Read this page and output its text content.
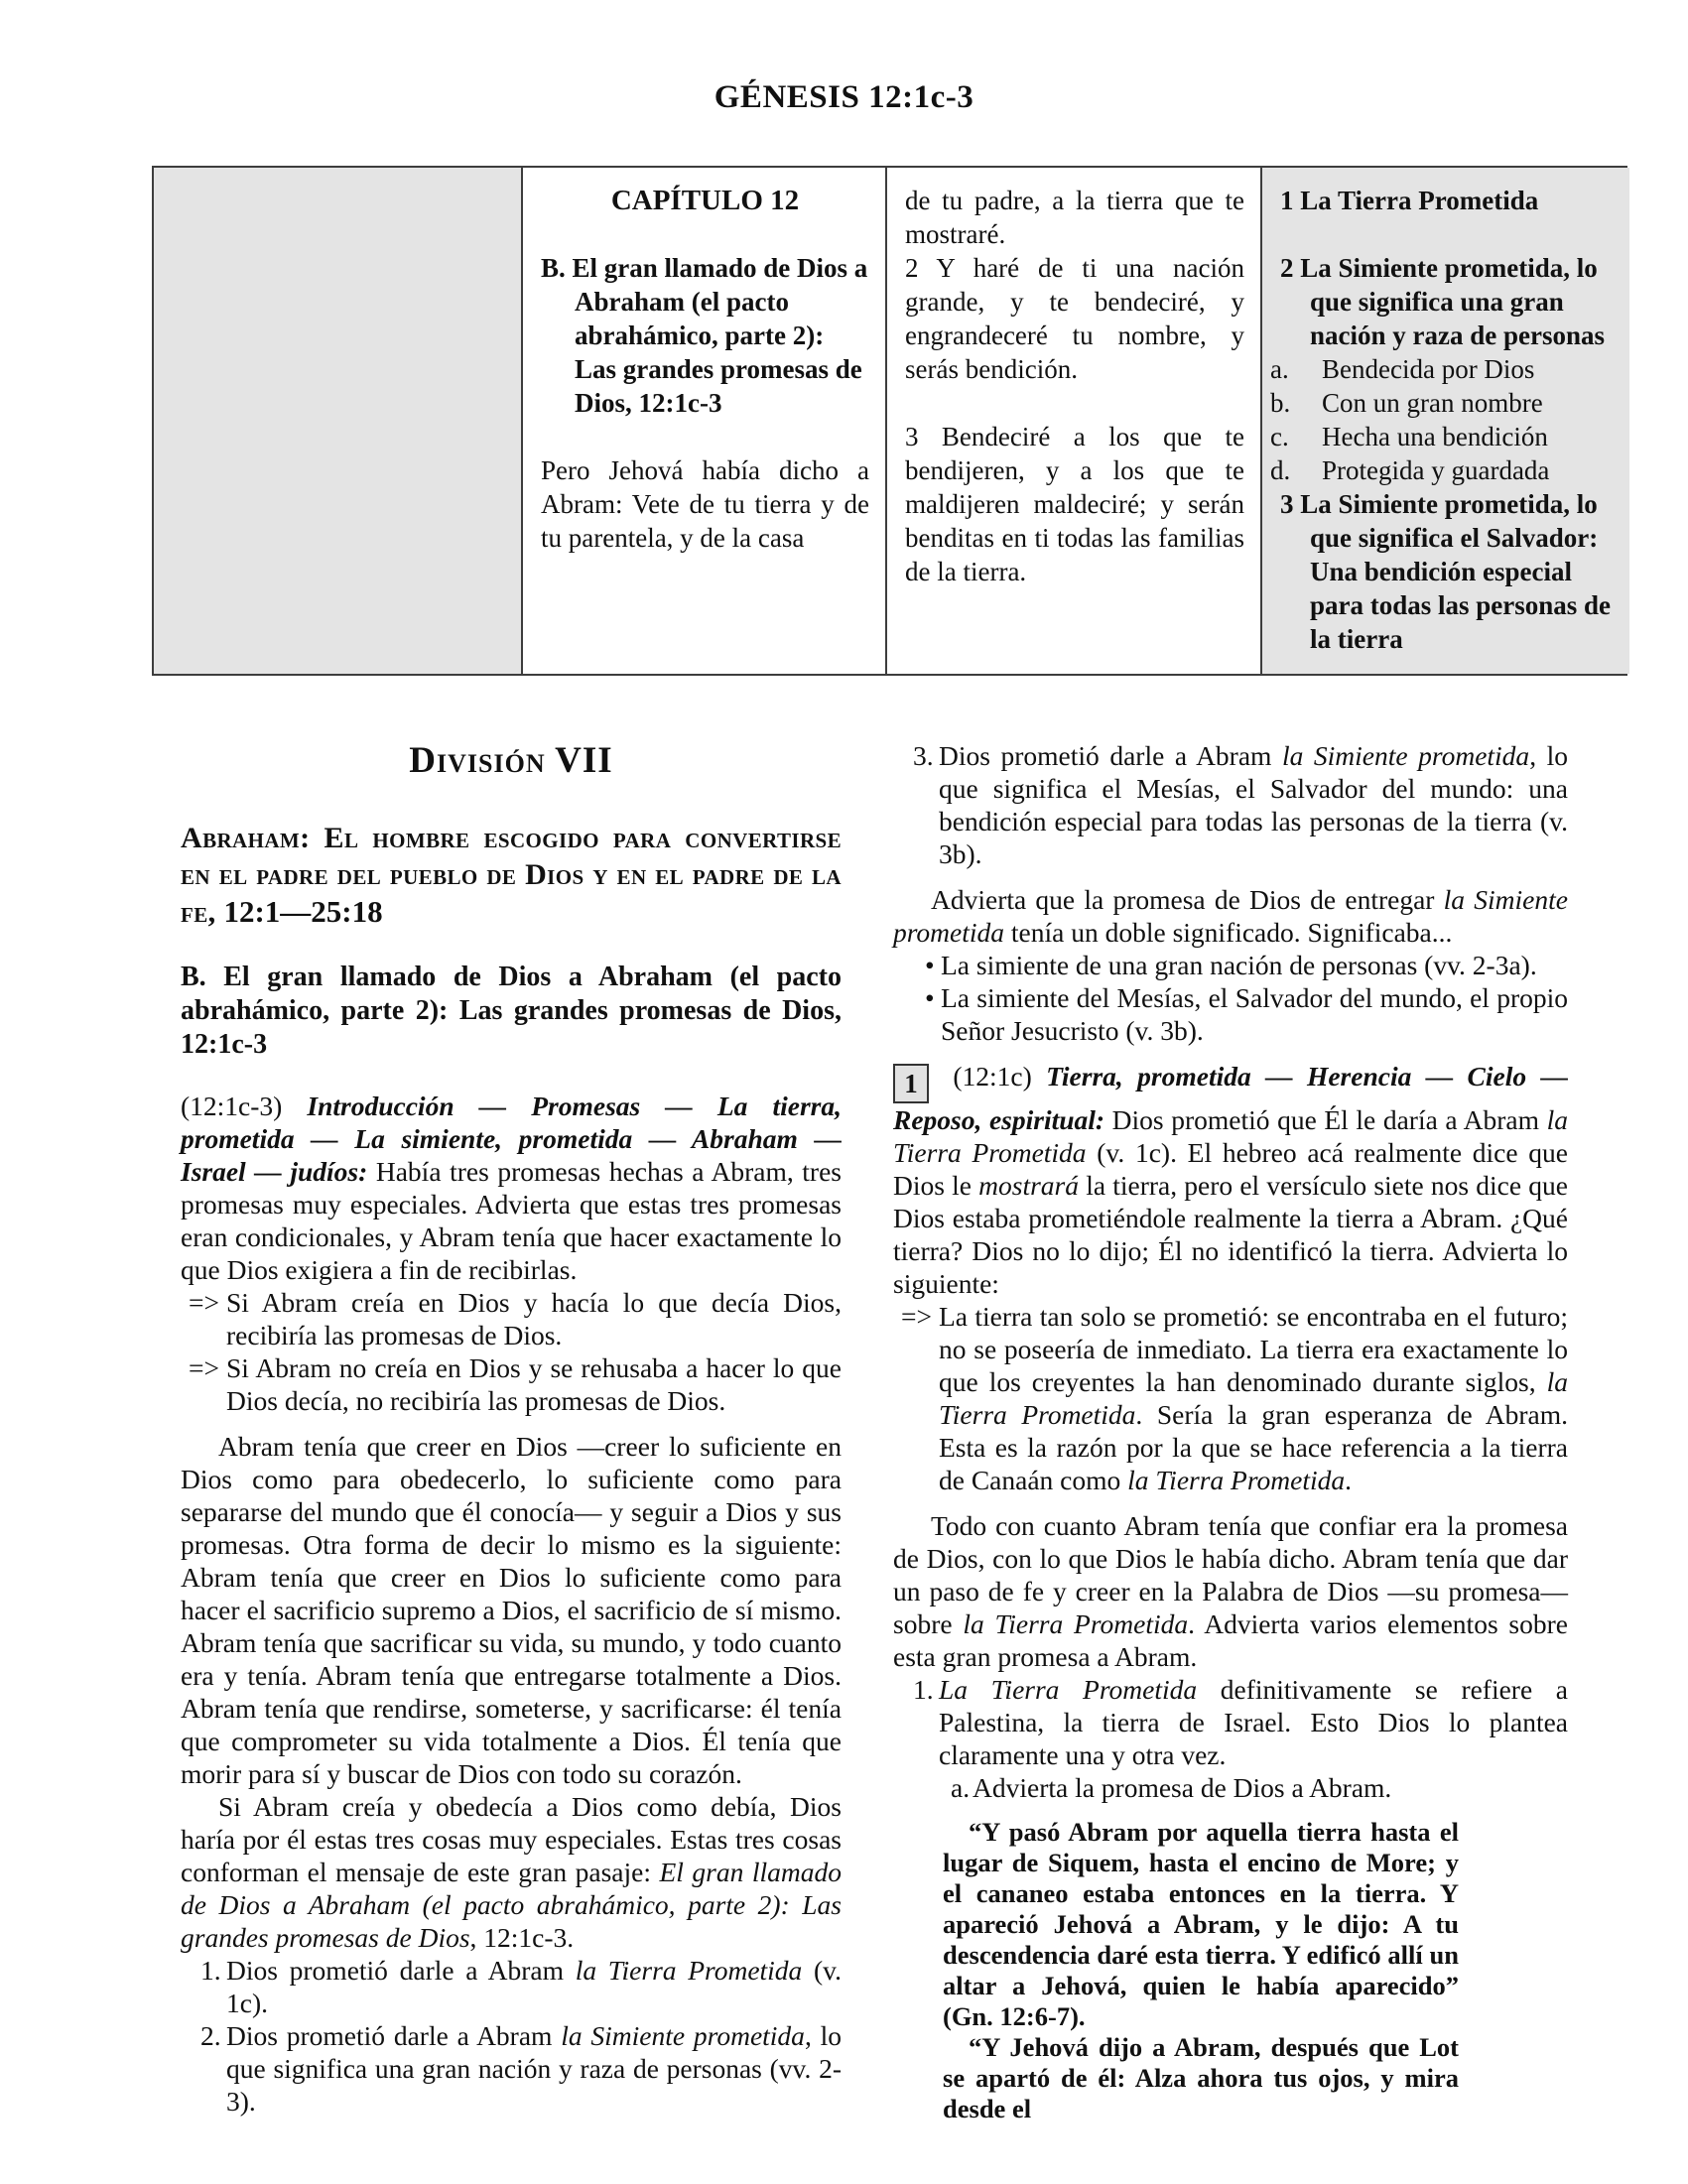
GÉNESIS 12:1c-3
CAPÍTULO 12
B. El gran llamado de Dios a Abraham (el pacto abrahámico, parte 2): Las grandes promesas de Dios, 12:1c-3
Pero Jehová había dicho a Abram: Vete de tu tierra y de tu parentela, y de la casa
de tu padre, a la tierra que te mostraré.
2 Y haré de ti una nación grande, y te bendeciré, y engrandeceré tu nombre, y serás bendición.
3 Bendeciré a los que te bendijeren, y a los que te maldijeren maldeciré; y serán benditas en ti todas las familias de la tierra.
1 La Tierra Prometida
2 La Simiente prometida, lo que significa una gran nación y raza de personas
a. Bendecida por Dios
b. Con un gran nombre
c. Hecha una bendición
d. Protegida y guardada
3 La Simiente prometida, lo que significa el Salvador: Una bendición especial para todas las personas de la tierra
División VII
Abraham: El hombre escogido para convertirse en el padre del pueblo de Dios y en el padre de la fe, 12:1—25:18
B. El gran llamado de Dios a Abraham (el pacto abrahámico, parte 2): Las grandes promesas de Dios, 12:1c-3
(12:1c-3) Introducción — Promesas — La tierra, prometida — La simiente, prometida — Abraham — Israel — judíos: Había tres promesas hechas a Abram, tres promesas muy especiales. Advierta que estas tres promesas eran condicionales, y Abram tenía que hacer exactamente lo que Dios exigiera a fin de recibirlas.
=> Si Abram creía en Dios y hacía lo que decía Dios, recibiría las promesas de Dios.
=> Si Abram no creía en Dios y se rehusaba a hacer lo que Dios decía, no recibiría las promesas de Dios.
Abram tenía que creer en Dios —creer lo suficiente en Dios como para obedecerlo, lo suficiente como para separarse del mundo que él conocía— y seguir a Dios y sus promesas. Otra forma de decir lo mismo es la siguiente: Abram tenía que creer en Dios lo suficiente como para hacer el sacrificio supremo a Dios, el sacrificio de sí mismo. Abram tenía que sacrificar su vida, su mundo, y todo cuanto era y tenía. Abram tenía que entregarse totalmente a Dios. Abram tenía que rendirse, someterse, y sacrificarse: él tenía que comprometer su vida totalmente a Dios. Él tenía que morir para sí y buscar de Dios con todo su corazón.
Si Abram creía y obedecía a Dios como debía, Dios haría por él estas tres cosas muy especiales. Estas tres cosas conforman el mensaje de este gran pasaje: El gran llamado de Dios a Abraham (el pacto abrahámico, parte 2): Las grandes promesas de Dios, 12:1c-3.
1. Dios prometió darle a Abram la Tierra Prometida (v. 1c).
2. Dios prometió darle a Abram la Simiente prometida, lo que significa una gran nación y raza de personas (vv. 2-3).
3. Dios prometió darle a Abram la Simiente prometida, lo que significa el Mesías, el Salvador del mundo: una bendición especial para todas las personas de la tierra (v. 3b).
Advierta que la promesa de Dios de entregar la Simiente prometida tenía un doble significado. Significaba...
• La simiente de una gran nación de personas (vv. 2-3a).
• La simiente del Mesías, el Salvador del mundo, el propio Señor Jesucristo (v. 3b).
1 (12:1c) Tierra, prometida — Herencia — Cielo — Reposo, espiritual: Dios prometió que Él le daría a Abram la Tierra Prometida (v. 1c). El hebreo acá realmente dice que Dios le mostrará la tierra, pero el versículo siete nos dice que Dios estaba prometiéndole realmente la tierra a Abram. ¿Qué tierra? Dios no lo dijo; Él no identificó la tierra. Advierta lo siguiente:
=> La tierra tan solo se prometió: se encontraba en el futuro; no se poseería de inmediato. La tierra era exactamente lo que los creyentes la han denominado durante siglos, la Tierra Prometida. Sería la gran esperanza de Abram. Esta es la razón por la que se hace referencia a la tierra de Canaán como la Tierra Prometida.
Todo con cuanto Abram tenía que confiar era la promesa de Dios, con lo que Dios le había dicho. Abram tenía que dar un paso de fe y creer en la Palabra de Dios —su promesa— sobre la Tierra Prometida. Advierta varios elementos sobre esta gran promesa a Abram.
1. La Tierra Prometida definitivamente se refiere a Palestina, la tierra de Israel. Esto Dios lo plantea claramente una y otra vez.
a. Advierta la promesa de Dios a Abram.
“Y pasó Abram por aquella tierra hasta el lugar de Siquem, hasta el encino de More; y el cananeo estaba entonces en la tierra. Y apareció Jehová a Abram, y le dijo: A tu descendencia daré esta tierra. Y edificó allí un altar a Jehová, quien le había aparecido” (Gn. 12:6-7).
“Y Jehová dijo a Abram, después que Lot se apartó de él: Alza ahora tus ojos, y mira desde el
